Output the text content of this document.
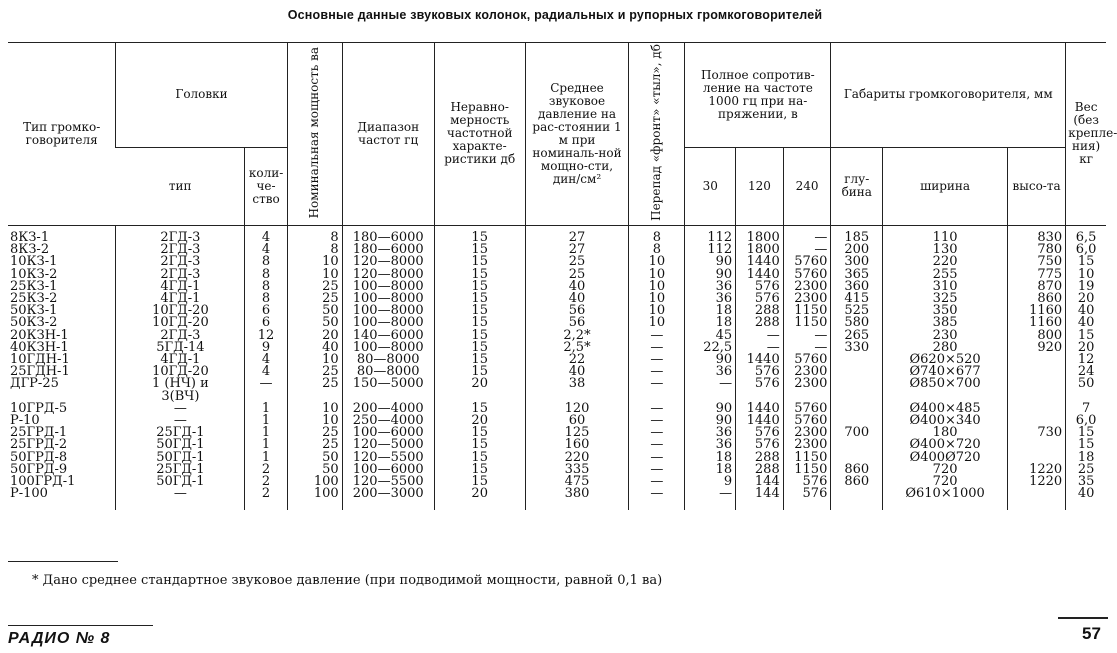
Основные данные звуковых колонок, радиальных и рупорных громкоговорителей
Тип громко-говорителя	Головки		Номинальная мощность ва	Диапазон частот гц	Неравно-мерность частотной характе-ристики дб	Среднее звуковое давление на рас-стоянии 1 м при номиналь-ной мощно-сти, дин/см²	Перепад «фронт» «тыл», дб	Полное сопротив-ление на частоте 1000 гц при на-пряжении, в			Габариты громкоговорителя, мм			Вес (без крепле-ния) кг
	тип	коли-че-ство						30	120	240	глу-бина	ширина	высо-та	
8КЗ-1	2ГД-3	4	8	180—6000	15	27	8	112	1800	—	185	110	830	6,5
8КЗ-2	2ГД-3	4	8	180—6000	15	27	8	112	1800	—	200	130	780	6,0
10КЗ-1	2ГД-3	8	10	120—8000	15	25	10	90	1440	5760	300	220	750	15
10КЗ-2	2ГД-3	8	10	120—8000	15	25	10	90	1440	5760	365	255	775	10
25КЗ-1	4ГД-1	8	25	100—8000	15	40	10	36	576	2300	360	310	870	19
25КЗ-2	4ГД-1	8	25	100—8000	15	40	10	36	576	2300	415	325	860	20
50КЗ-1	10ГД-20	6	50	100—8000	15	56	10	18	288	1150	525	350	1160	40
50КЗ-2	10ГД-20	6	50	100—8000	15	56	10	18	288	1150	580	385	1160	40
20КЗН-1	2ГД-3	12	20	140—6000	15	2,2*	—	45	—	—	265	230	800	15
40КЗН-1	5ГД-14	9	40	100—8000	15	2,5*	—	22,5	—	—	330	280	920	20
10ГДН-1	4ГД-1	4	10	80—8000	15	22	—	90	1440	5760		Ø620×520		12
25ГДН-1	10ГД-20	4	25	80—8000	15	40	—	36	576	2300		Ø740×677		24
ДГР-25	1 (НЧ) и	—	25	150—5000	20	38	—	—	576	2300		Ø850×700		50
	3(ВЧ)													
10ГРД-5	—	1	10	200—4000	15	120	—	90	1440	5760		Ø400×485		7
Р-10	—	1	10	250—4000	20	60	—	90	1440	5760		Ø400×340		6,0
25ГРД-1	25ГД-1	1	25	100—6000	15	125	—	36	576	2300	700	180	730	15
25ГРД-2	50ГД-1	1	25	120—5000	15	160	—	36	576	2300		Ø400×720		15
50ГРД-8	50ГД-1	1	50	120—5500	15	220	—	18	288	1150		Ø400Ø720		18
50ГРД-9	25ГД-1	2	50	100—6000	15	335	—	18	288	1150	860	720	1220	25
100ГРД-1	50ГД-1	2	100	120—5500	15	475	—	9	144	576	860	720	1220	35
Р-100	—	2	100	200—3000	20	380	—	—	144	576		Ø610×1000		40
* Дано среднее стандартное звуковое давление (при подводимой мощности, равной 0,1 ва)
РАДИО № 8	57
